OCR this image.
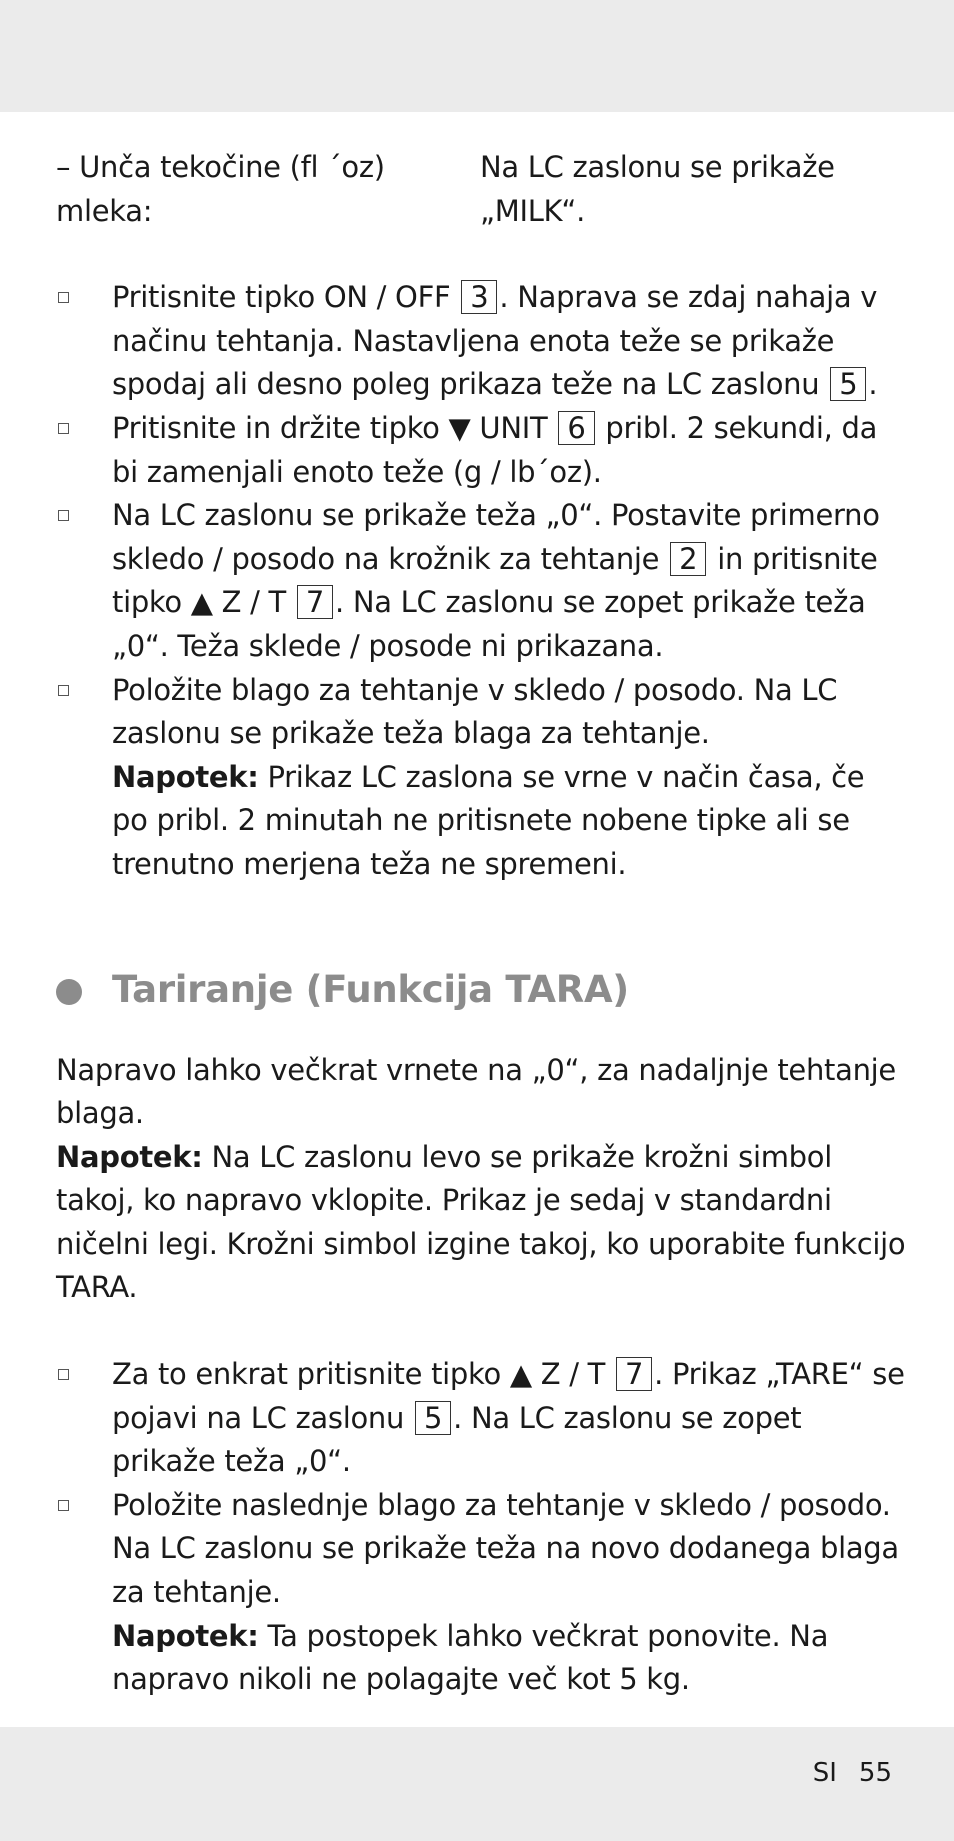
– Unča tekočine (fl ´oz) mleka:
Na LC zaslonu se prikaže „MILK“.
Pritisnite tipko ON / OFF 3 . Naprava se zdaj nahaja v načinu tehtanja. Nastavljena enota teže se prikaže spodaj ali desno poleg prikaza teže na LC zaslonu 5 .
Pritisnite in držite tipko ▼ UNIT 6 pribl. 2 sekundi, da bi zamenjali enoto teže (g / lb´oz).
Na LC zaslonu se prikaže teža „0“. Postavite primerno skledo / posodo na krožnik za tehtanje 2 in pritisnite tipko ▲ Z / T 7 . Na LC zaslonu se zopet prikaže teža „0“. Teža sklede / posode ni prikazana.
Položite blago za tehtanje v skledo / posodo. Na LC zaslonu se prikaže teža blaga za tehtanje.
Napotek: Prikaz LC zaslona se vrne v način časa, če po pribl. 2 minutah ne pritisnete nobene tipke ali se trenutno merjena teža ne spremeni.
Tariranje (Funkcija TARA)

Napravo lahko večkrat vrnete na „0“, za nadaljnje tehtanje blaga.

Napotek: Na LC zaslonu levo se prikaže krožni simbol takoj, ko napravo vklopite. Prikaz je sedaj v standardni ničelni legi. Krožni simbol izgine takoj, ko uporabite funkcijo TARA.

Za to enkrat pritisnite tipko ▲ Z / T 7 . Prikaz „TARE“ se pojavi na LC zaslonu 5 . Na LC zaslonu se zopet prikaže teža „0“.
Položite naslednje blago za tehtanje v skledo / posodo. Na LC zaslonu se prikaže teža na novo dodanega blaga za tehtanje.
Napotek: Ta postopek lahko večkrat ponovite. Na napravo nikoli ne polagajte več kot 5 kg.
SI 55
